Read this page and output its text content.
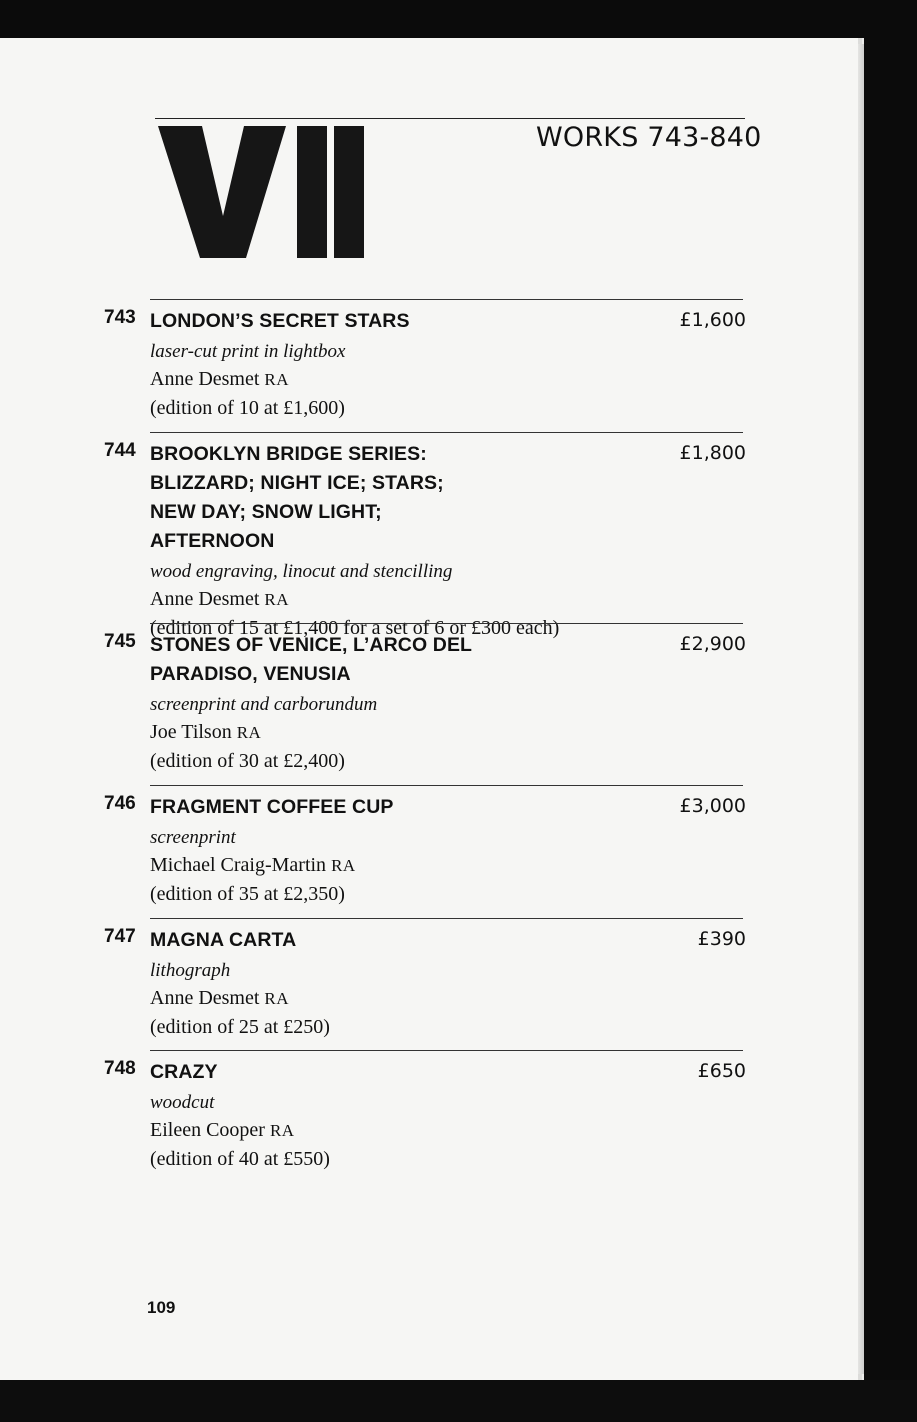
WORKS 743-840
743 LONDON’S SECRET STARS
laser-cut print in lightbox
Anne Desmet RA
(edition of 10 at £1,600)
£1,600
744 BROOKLYN BRIDGE SERIES: BLIZZARD; NIGHT ICE; STARS; NEW DAY; SNOW LIGHT; AFTERNOON
wood engraving, linocut and stencilling
Anne Desmet RA
(edition of 15 at £1,400 for a set of 6 or £300 each)
£1,800
745 STONES OF VENICE, L’ARCO DEL PARADISO, VENUSIA
screenprint and carborundum
Joe Tilson RA
(edition of 30 at £2,400)
£2,900
746 FRAGMENT COFFEE CUP
screenprint
Michael Craig-Martin RA
(edition of 35 at £2,350)
£3,000
747 MAGNA CARTA
lithograph
Anne Desmet RA
(edition of 25 at £250)
£390
748 CRAZY
woodcut
Eileen Cooper RA
(edition of 40 at £550)
£650
109
